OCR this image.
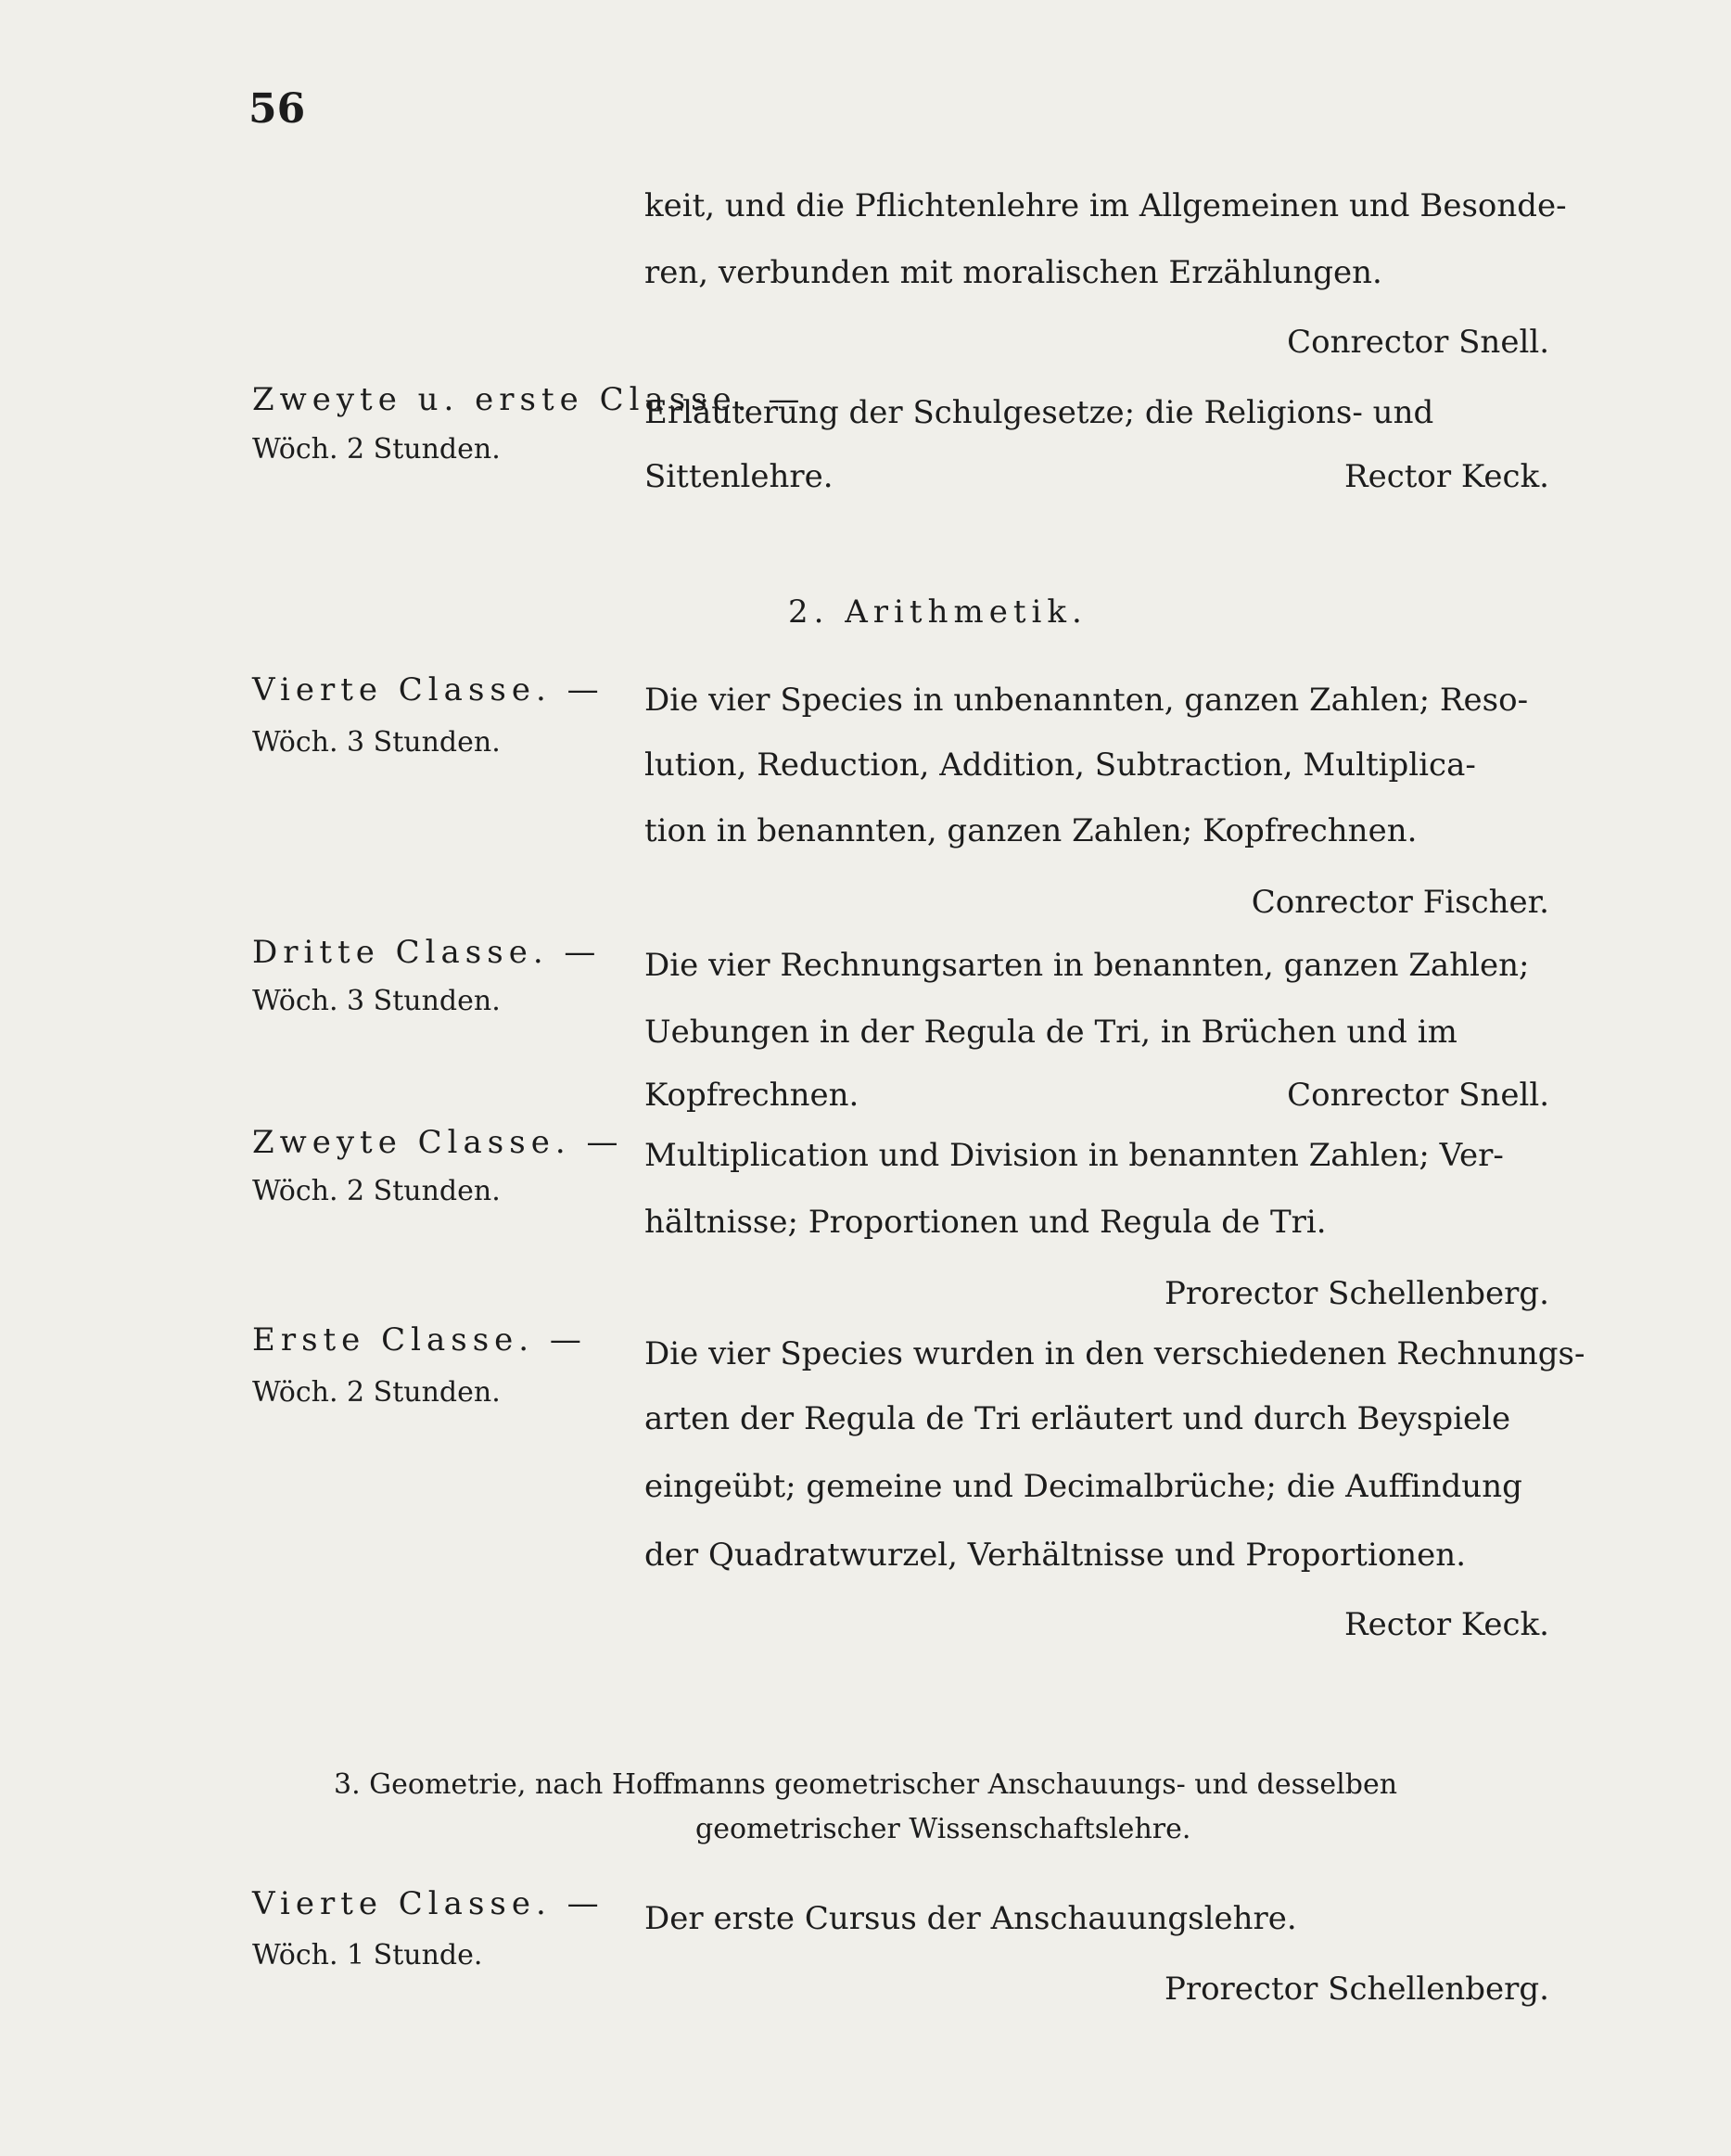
56
keit, und die Pflichtenlehre im Allgemeinen und Besonde-
ren, verbunden mit moralischen Erzählungen.
Conrector Snell.
Zweyte u. erste Classe. —
Wöch. 2 Stunden.
Erläuterung der Schulgesetze; die Religions- und
Sittenlehre.	Rector Keck.
2. Arithmetik.
Vierte Classe. —
Wöch. 3 Stunden.
Die vier Species in unbenannten, ganzen Zahlen; Reso-
lution, Reduction, Addition, Subtraction, Multiplica-
tion in benannten, ganzen Zahlen; Kopfrechnen.
Conrector Fischer.
Dritte Classe. —
Wöch. 3 Stunden.
Die vier Rechnungsarten in benannten, ganzen Zahlen;
Uebungen in der Regula de Tri, in Brüchen und im
Kopfrechnen.	Conrector Snell.
Zweyte Classe. —
Wöch. 2 Stunden.
Multiplication und Division in benannten Zahlen; Ver-
hältnisse; Proportionen und Regula de Tri.
Prorector Schellenberg.
Erste Classe. —
Wöch. 2 Stunden.
Die vier Species wurden in den verschiedenen Rechnungs-
arten der Regula de Tri erläutert und durch Beyspiele
eingeübt; gemeine und Decimalbrüche; die Auffindung
der Quadratwurzel, Verhältnisse und Proportionen.
Rector Keck.
3. Geometrie, nach Hoffmanns geometrischer Anschauungs- und desselben
geometrischer Wissenschaftslehre.
Vierte Classe. —
Wöch. 1 Stunde.
Der erste Cursus der Anschauungslehre.
Prorector Schellenberg.
